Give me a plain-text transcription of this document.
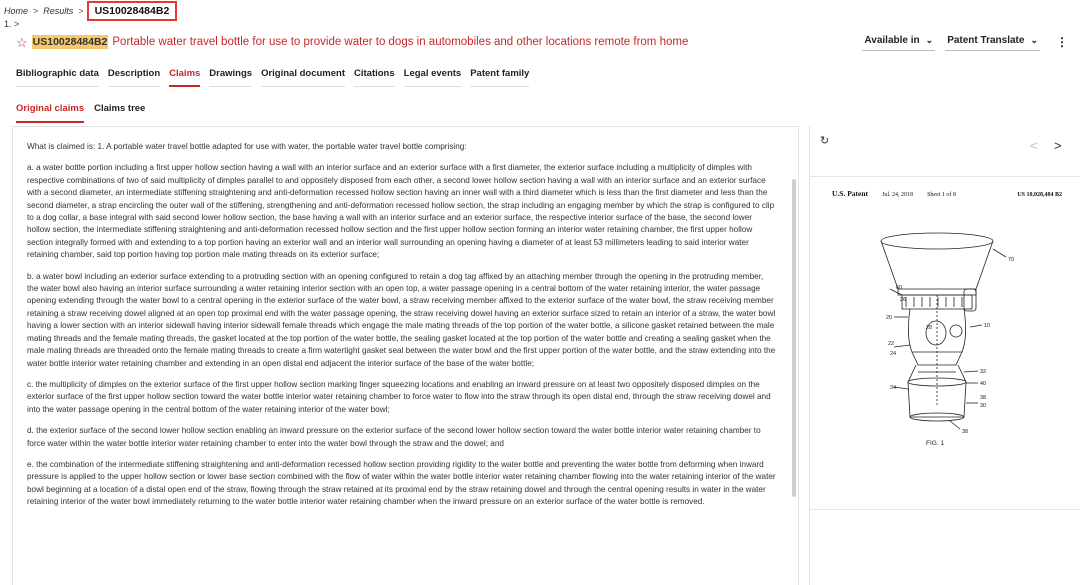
Home > Results >	US10028484B2
1. >
☆ US10028484B2 Portable water travel bottle for use to provide water to dogs in automobiles and other locations remote from home	Available in ⌄ Patent Translate ⌄ ⋮
Bibliographic data Description Claims Drawings Original document Citations Legal events Patent family
Original claims Claims tree

What is claimed is: 1. A portable water travel bottle adapted for use with water, the portable water travel bottle comprising:

a. a water bottle portion including a first upper hollow section having a wall with an interior surface and an exterior surface with a first diameter, the exterior surface including a multiplicity of dimples with respective combinations of two of said multiplicity of dimples parallel to and oppositely disposed from each other, a second lower hollow section having a wall with an interior surface and an exterior surface with a second diameter, an intermediate stiffening straightening and anti-deformation recessed hollow section having an inner wall with a third diameter which is less than the first diameter and less than the second diameter, a strap encircling the outer wall of the stiffening, strengthening and anti-deformation recessed hollow section, the strap including an engaging member by which the strap is configured to clip to a dog collar, a base integral with said second lower hollow section, the base having a wall with an interior surface and an exterior surface, the respective interior surface of the base, the second lower hollow section, the intermediate stiffening straightening and anti-deformation recessed hollow section and the first upper hollow section forming an interior water retaining chamber, the first upper hollow section integrally formed with and extending to a top portion having an exterior wall and an interior wall surrounding an opening having a diameter of at least 53 millimeters leading to said interior water retaining chamber, said top portion having top portion male mating threads on its exterior surface;

b. a water bowl including an exterior surface extending to a protruding section with an opening configured to retain a dog tag affixed by an attaching member through the opening in the protruding member, the water bowl also having an interior surface surrounding a water retaining interior section with an open top, a water passage opening in a central bottom of the water retaining interior, the water passage opening extending through the water bowl to a central opening in the exterior surface of the water bowl, a straw receiving member affixed to the exterior surface of the water bowl, the straw receiving member retaining a straw receiving dowel aligned at an open top proximal end with the water passage opening, the straw receiving dowel having an exterior surface sized to retain an interior of a straw, the water bowl having a lower section with an interior sidewall having interior sidewall female threads which engage the male mating threads of the top portion of the water bottle, a silicone gasket retained between the male mating threads and the female mating threads, the gasket located at the top portion of the water bottle, the sealing gasket located at the top portion of the water bottle and creating a sealing gasket when the male mating threads are threaded onto the female mating threads to create a firm watertight gasket seal between the water bowl and the first upper portion of the water bottle, and the straw extending into the water bottle interior water retaining chamber and extending in an open distal end adjacent the interior surface of the base of the water bottle;

c. the multiplicity of dimples on the exterior surface of the first upper hollow section marking finger squeezing locations and enabling an inward pressure on at least two oppositely disposed dimples on the exterior surface of the first upper hollow section toward the water bottle interior water retaining chamber to force water to flow into the straw through its open distal end, through the straw receiving dowel and into the water passage opening in the central bottom of the water retaining interior of the water bowl;

d. the exterior surface of the second lower hollow section enabling an inward pressure on the exterior surface of the second lower hollow section toward the water bottle interior water retaining chamber to force water within the water bottle interior water retaining chamber to enter into the water bowl through the straw and the dowel; and

e. the combination of the intermediate stiffening straightening and anti-deformation recessed hollow section providing rigidity to the water bottle and preventing the water bottle from deforming when inward pressure is applied to the upper hollow section or lower base section combined with the flow of water within the water bottle interior water retaining chamber flowing into the water retaining interior of the water bowl beginning at a location of a distal open end of the straw, flowing through the straw retained at its proximal end by the straw retaining dowel and through the central opening results in water in the water retaining interior of the water bowl immediately returning to the water bottle interior water retaining chamber when the inward pressure on an exterior surface of the water bottle is removed.

↻	< >
U.S. Patent Jul. 24, 2018 Sheet 1 of 8	US 10,028,484 B2
70
60
26
20
22
28	10
24
32
40
38
34
30
38
FIG. 1
